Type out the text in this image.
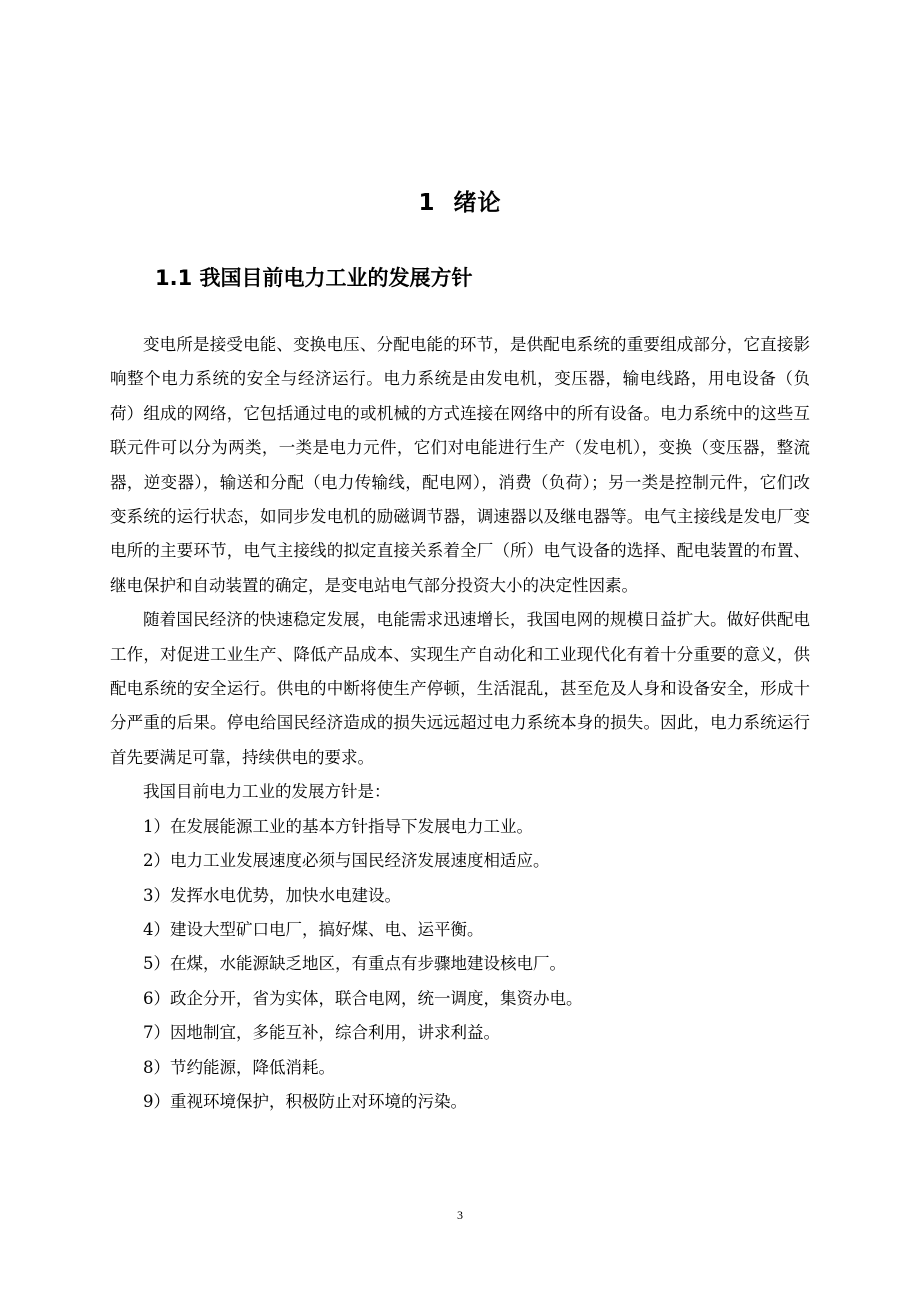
1 绪论
1.1 我国目前电力工业的发展方针

变电所是接受电能、变换电压、分配电能的环节，是供配电系统的重要组成部分，它直接影响整个电力系统的安全与经济运行。电力系统是由发电机，变压器，输电线路，用电设备（负荷）组成的网络，它包括通过电的或机械的方式连接在网络中的所有设备。电力系统中的这些互联元件可以分为两类，一类是电力元件，它们对电能进行生产（发电机），变换（变压器，整流器，逆变器），输送和分配（电力传输线，配电网），消费（负荷）；另一类是控制元件，它们改变系统的运行状态，如同步发电机的励磁调节器，调速器以及继电器等。电气主接线是发电厂变电所的主要环节，电气主接线的拟定直接关系着全厂（所）电气设备的选择、配电装置的布置、继电保护和自动装置的确定，是变电站电气部分投资大小的决定性因素。

随着国民经济的快速稳定发展，电能需求迅速增长，我国电网的规模日益扩大。做好供配电工作，对促进工业生产、降低产品成本、实现生产自动化和工业现代化有着十分重要的意义，供配电系统的安全运行。供电的中断将使生产停顿，生活混乱，甚至危及人身和设备安全，形成十分严重的后果。停电给国民经济造成的损失远远超过电力系统本身的损失。因此，电力系统运行首先要满足可靠，持续供电的要求。

我国目前电力工业的发展方针是：

1）在发展能源工业的基本方针指导下发展电力工业。
2）电力工业发展速度必须与国民经济发展速度相适应。
3）发挥水电优势，加快水电建设。
4）建设大型矿口电厂，搞好煤、电、运平衡。
5）在煤，水能源缺乏地区，有重点有步骤地建设核电厂。
6）政企分开，省为实体，联合电网，统一调度，集资办电。
7）因地制宜，多能互补，综合利用，讲求利益。
8）节约能源，降低消耗。
9）重视环境保护，积极防止对环境的污染。
3
